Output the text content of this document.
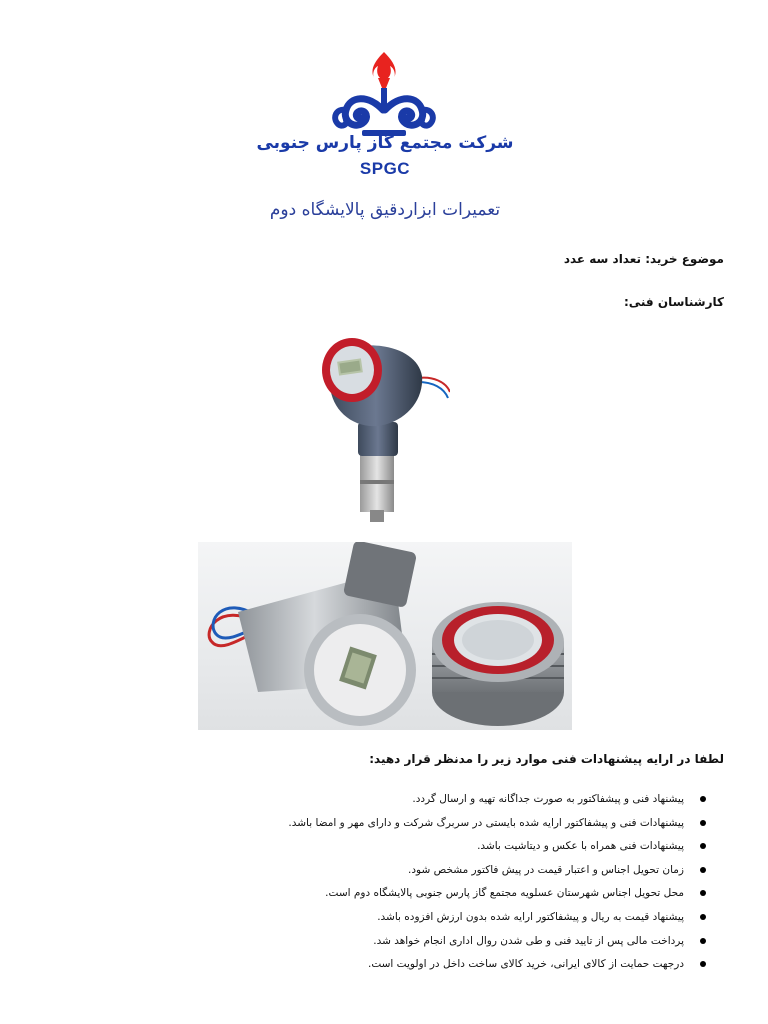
شرکت مجتمع گاز پارس جنوبی
SPGC
تعمیرات ابزاردقیق پالایشگاه دوم
موضوع خرید: تعداد سه عدد
کارشناسان فنی:
لطفا در ارایه پیشنهادات فنی موارد زیر را مدنظر قرار دهید:
پیشنهاد فنی و پیشفاکتور به صورت جداگانه تهیه و ارسال گردد.
پیشنهادات فنی و پیشفاکتور ارایه شده بایستی در سربرگ شرکت و دارای مهر و امضا باشد.
پیشنهادات فنی همراه با عکس و دیتاشیت باشد.
زمان تحویل اجناس و اعتبار قیمت در پیش فاکتور مشخص شود.
محل تحویل اجناس شهرستان عسلویه مجتمع گاز پارس جنوبی پالایشگاه دوم است.
پیشنهاد قیمت به ریال و پیشفاکتور ارایه شده بدون ارزش افزوده باشد.
پرداخت مالی پس از تایید فنی و طی شدن روال اداری انجام خواهد شد.
درجهت حمایت از کالای ایرانی، خرید کالای ساخت داخل در اولویت است.
